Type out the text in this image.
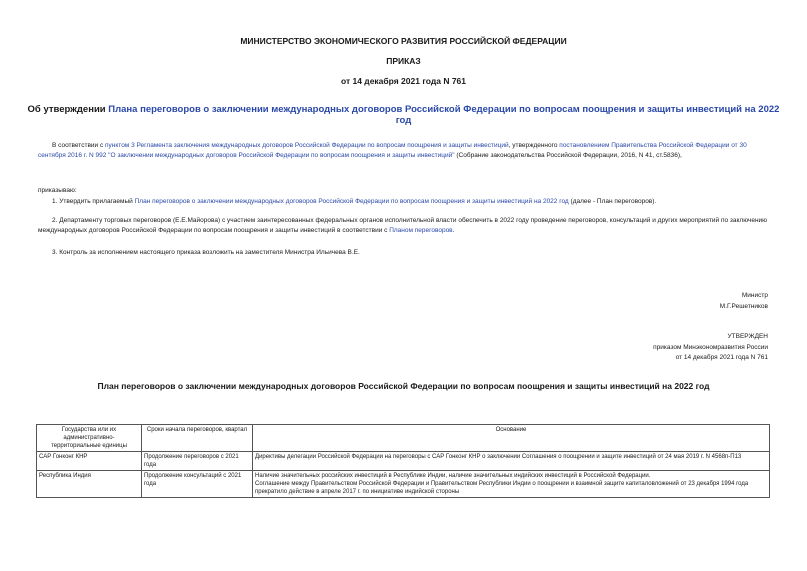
МИНИСТЕРСТВО ЭКОНОМИЧЕСКОГО РАЗВИТИЯ РОССИЙСКОЙ ФЕДЕРАЦИИ
ПРИКАЗ
от 14 декабря 2021 года N 761
Об утверждении Плана переговоров о заключении международных договоров Российской Федерации по вопросам поощрения и защиты инвестиций на 2022 год
В соответствии с пунктом 3 Регламента заключения международных договоров Российской Федерации по вопросам поощрения и защиты инвестиций, утвержденного постановлением Правительства Российской Федерации от 30 сентября 2016 г. N 992 "О заключении международных договоров Российской Федерации по вопросам поощрения и защиты инвестиций" (Собрание законодательства Российской Федерации, 2016, N 41, ст.5836),
приказываю:
1. Утвердить прилагаемый План переговоров о заключении международных договоров Российской Федерации по вопросам поощрения и защиты инвестиций на 2022 год (далее - План переговоров).
2. Департаменту торговых переговоров (Е.Е.Майорова) с участием заинтересованных федеральных органов исполнительной власти обеспечить в 2022 году проведение переговоров, консультаций и других мероприятий по заключению международных договоров Российской Федерации по вопросам поощрения и защиты инвестиций в соответствии с Планом переговоров.
3. Контроль за исполнением настоящего приказа возложить на заместителя Министра Ильичева В.Е.
Министр
М.Г.Решетников
УТВЕРЖДЕН
приказом Минэкономразвития России
от 14 декабря 2021 года N 761
План переговоров о заключении международных договоров Российской Федерации по вопросам поощрения и защиты инвестиций на 2022 год
Государства или их административно-территориальные единицы	Сроки начала переговоров, квартал	Основание
САР Гонконг КНР	Продолжение переговоров с 2021 года	Директивы делегации Российской Федерации на переговоры с САР Гонконг КНР о заключении Соглашения о поощрении и защите инвестиций от 24 мая 2019 г. N 4568п-П13
Республика Индия	Продолжение консультаций с 2021 года	Наличие значительных российских инвестиций в Республике Индии, наличие значительных индийских инвестиций в Российской Федерации.
Соглашение между Правительством Российской Федерации и Правительством Республики Индии о поощрении и взаимной защите капиталовложений от 23 декабря 1994 года прекратило действие в апреле 2017 г. по инициативе индийской стороны
